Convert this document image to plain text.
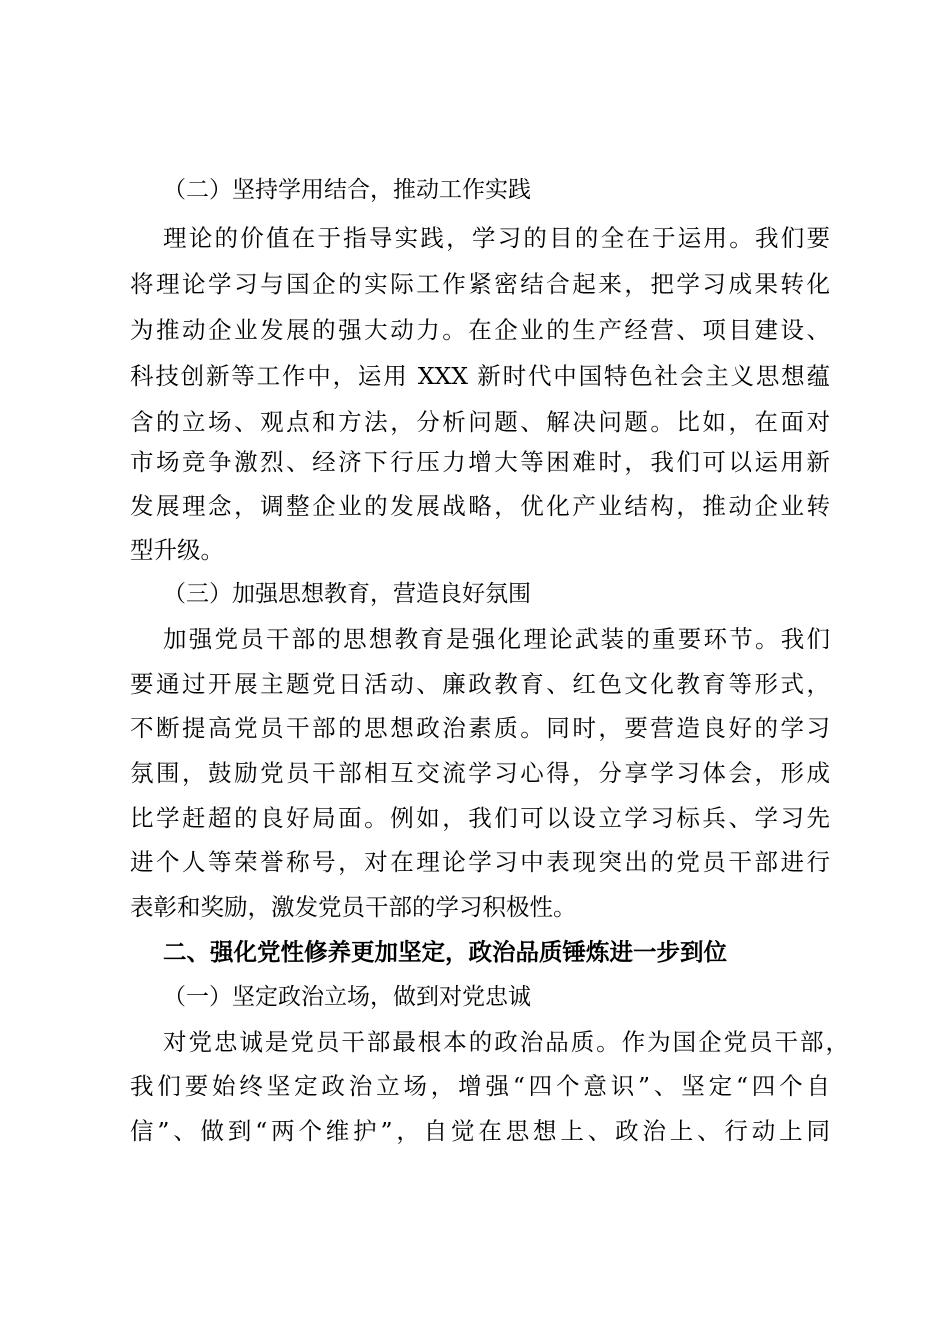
（二）坚持学用结合，推动工作实践
理论的价值在于指导实践，学习的目的全在于运用。我们要
将理论学习与国企的实际工作紧密结合起来，把学习成果转化
为推动企业发展的强大动力。在企业的生产经营、项目建设、
科技创新等工作中，运用 XXX 新时代中国特色社会主义思想蕴
含的立场、观点和方法，分析问题、解决问题。比如，在面对
市场竞争激烈、经济下行压力增大等困难时，我们可以运用新
发展理念，调整企业的发展战略，优化产业结构，推动企业转
型升级。
（三）加强思想教育，营造良好氛围
加强党员干部的思想教育是强化理论武装的重要环节。我们
要通过开展主题党日活动、廉政教育、红色文化教育等形式，
不断提高党员干部的思想政治素质。同时，要营造良好的学习
氛围，鼓励党员干部相互交流学习心得，分享学习体会，形成
比学赶超的良好局面。例如，我们可以设立学习标兵、学习先
进个人等荣誉称号，对在理论学习中表现突出的党员干部进行
表彰和奖励，激发党员干部的学习积极性。
二、强化党性修养更加坚定，政治品质锤炼进一步到位
（一）坚定政治立场，做到对党忠诚
对党忠诚是党员干部最根本的政治品质。作为国企党员干部，
我们要始终坚定政治立场，增强“四个意识”、坚定“四个自
信”、做到“两个维护”，自觉在思想上、政治上、行动上同
